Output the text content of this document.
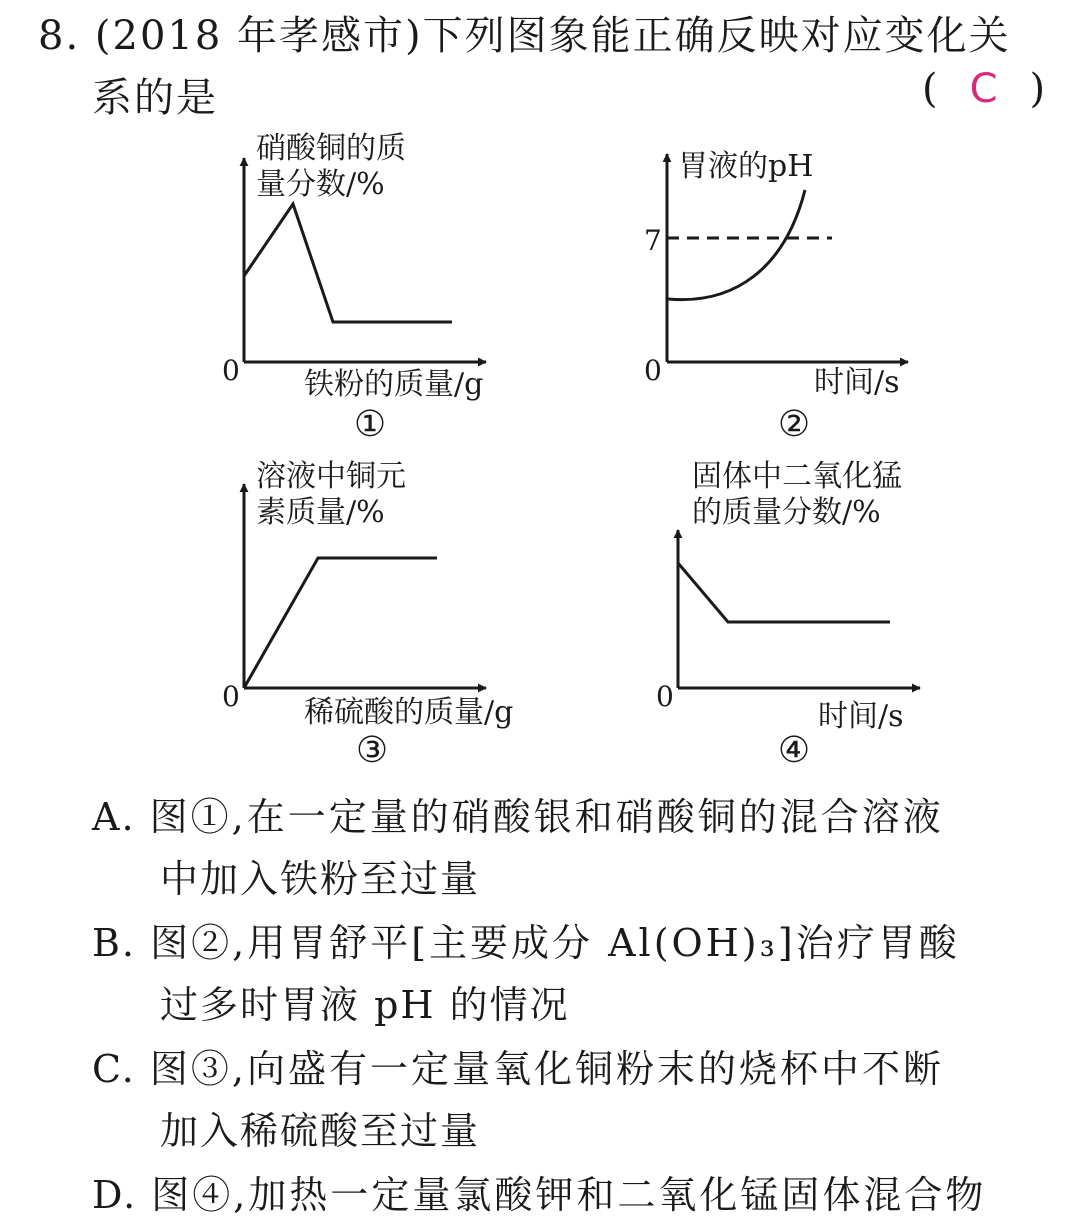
8. (2018 年孝感市)下列图象能正确反映对应变化关
系的是	( C )
硝酸铜的质
量分数/%
0 铁粉的质量/g
①
胃液的pH
7
0	时间/s
②
溶液中铜元
素质量/%
0 稀硫酸的质量/g
③
固体中二氧化猛
的质量分数/%
0
时间/s
④
A. 图①,在一定量的硝酸银和硝酸铜的混合溶液
中加入铁粉至过量
B. 图②,用胃舒平[主要成分 Al(OH)₃]治疗胃酸
过多时胃液 pH 的情况
C. 图③,向盛有一定量氧化铜粉末的烧杯中不断
加入稀硫酸至过量
D. 图④,加热一定量氯酸钾和二氧化锰固体混合物
